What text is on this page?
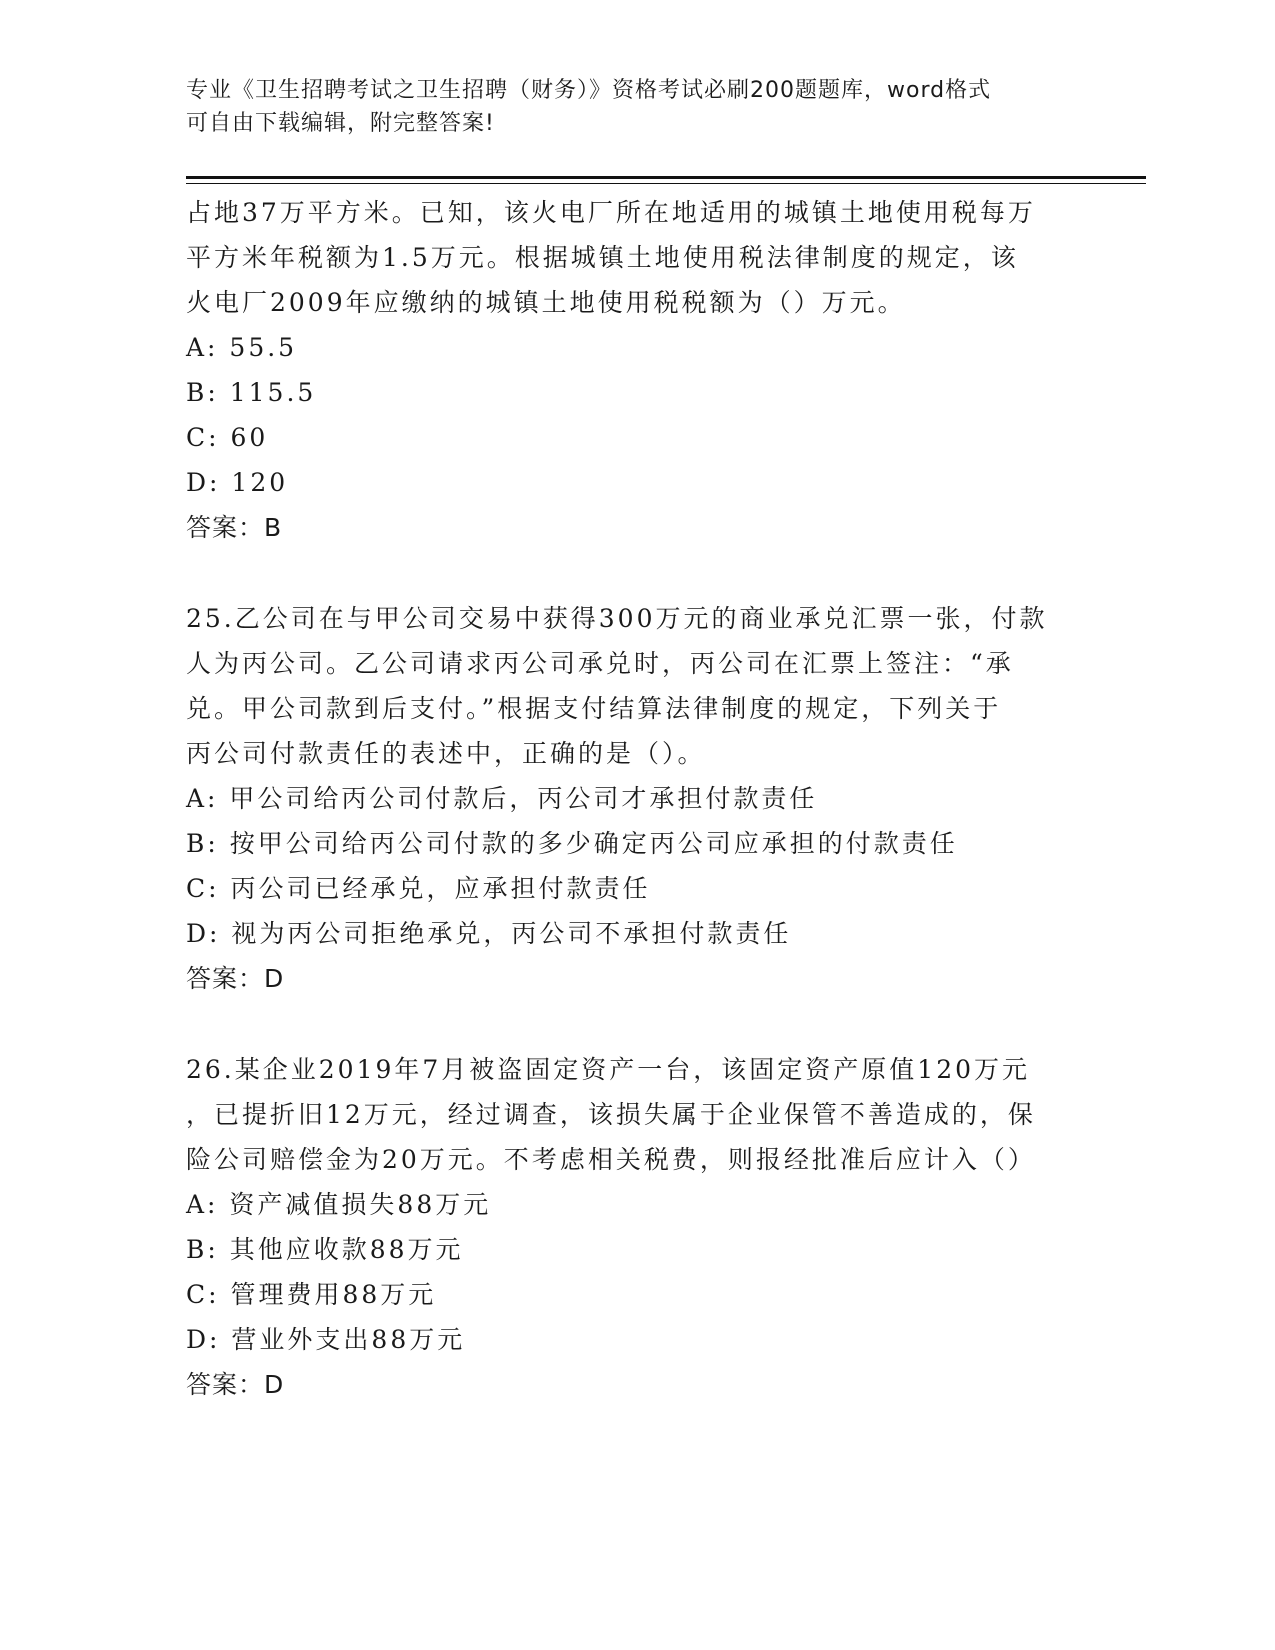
专业《卫生招聘考试之卫生招聘（财务）》资格考试必刷200题题库，word格式
可自由下载编辑，附完整答案!

占地37万平方米。已知，该火电厂所在地适用的城镇土地使用税每万

平方米年税额为1.5万元。根据城镇土地使用税法律制度的规定，该

火电厂2009年应缴纳的城镇土地使用税税额为（）万元。

A: 55.5

B: 115.5

C: 60

D: 120

答案：B

25.乙公司在与甲公司交易中获得300万元的商业承兑汇票一张，付款

人为丙公司。乙公司请求丙公司承兑时，丙公司在汇票上签注：“承

兑。甲公司款到后支付。”根据支付结算法律制度的规定，下列关于

丙公司付款责任的表述中，正确的是（）。

A: 甲公司给丙公司付款后，丙公司才承担付款责任

B: 按甲公司给丙公司付款的多少确定丙公司应承担的付款责任

C: 丙公司已经承兑，应承担付款责任

D: 视为丙公司拒绝承兑，丙公司不承担付款责任

答案：D

26.某企业2019年7月被盗固定资产一台，该固定资产原值120万元

，已提折旧12万元，经过调查，该损失属于企业保管不善造成的，保

险公司赔偿金为20万元。不考虑相关税费，则报经批准后应计入（）

A: 资产减值损失88万元

B: 其他应收款88万元

C: 管理费用88万元

D: 营业外支出88万元

答案：D
